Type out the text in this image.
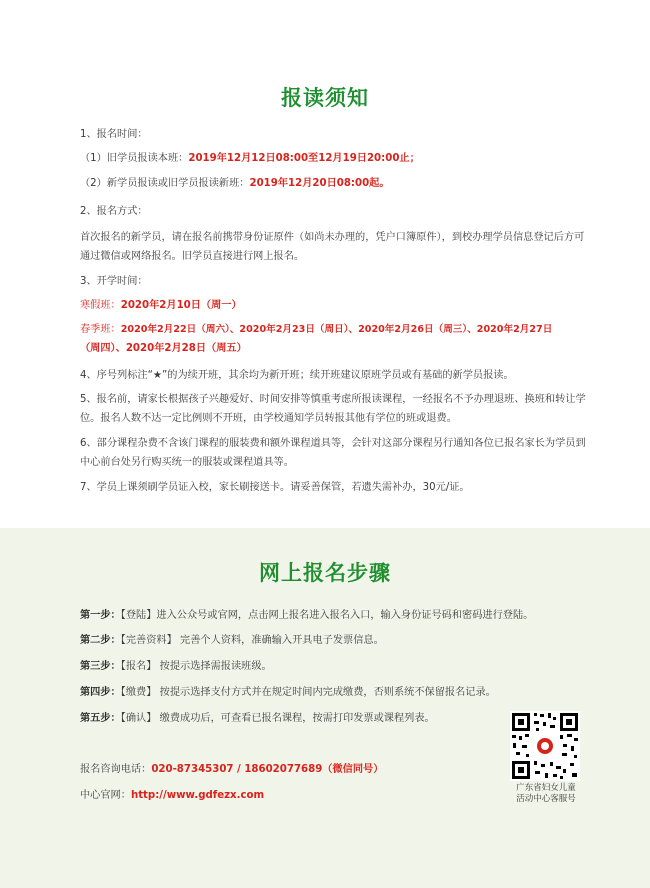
报读须知
1、报名时间：
（1）旧学员报读本班：2019年12月12日08:00至12月19日20:00止；
（2）新学员报读或旧学员报读新班：2019年12月20日08:00起。
2、报名方式：
首次报名的新学员，请在报名前携带身份证原件（如尚未办理的，凭户口簿原件），到校办理学员信息登记后方可通过微信或网络报名。旧学员直接进行网上报名。
3、开学时间：
寒假班：2020年2月10日（周一）
春季班：2020年2月22日（周六）、2020年2月23日（周日）、2020年2月26日（周三）、2020年2月27日
（周四）、2020年2月28日（周五）
4、序号列标注“★”的为续开班，其余均为新开班；续开班建议原班学员或有基础的新学员报读。
5、报名前，请家长根据孩子兴趣爱好、时间安排等慎重考虑所报读课程，一经报名不予办理退班、换班和转让学位。报名人数不达一定比例则不开班，由学校通知学员转报其他有学位的班或退费。
6、部分课程杂费不含该门课程的服装费和额外课程道具等，会针对这部分课程另行通知各位已报名家长为学员到中心前台处另行购买统一的服装或课程道具等。
7、学员上课须刷学员证入校，家长刷接送卡。请妥善保管，若遗失需补办，30元/证。
网上报名步骤
第一步：【登陆】进入公众号或官网，点击网上报名进入报名入口，输入身份证号码和密码进行登陆。
第二步：【完善资料】 完善个人资料，准确输入开具电子发票信息。
第三步：【报名】 按提示选择需报读班级。
第四步：【缴费】 按提示选择支付方式并在规定时间内完成缴费，否则系统不保留报名记录。
第五步：【确认】 缴费成功后，可查看已报名课程，按需打印发票或课程列表。
报名咨询电话：020-87345307 / 18602077689（微信同号）
中心官网：http://www.gdfezx.com
广东省妇女儿童
活动中心客服号
